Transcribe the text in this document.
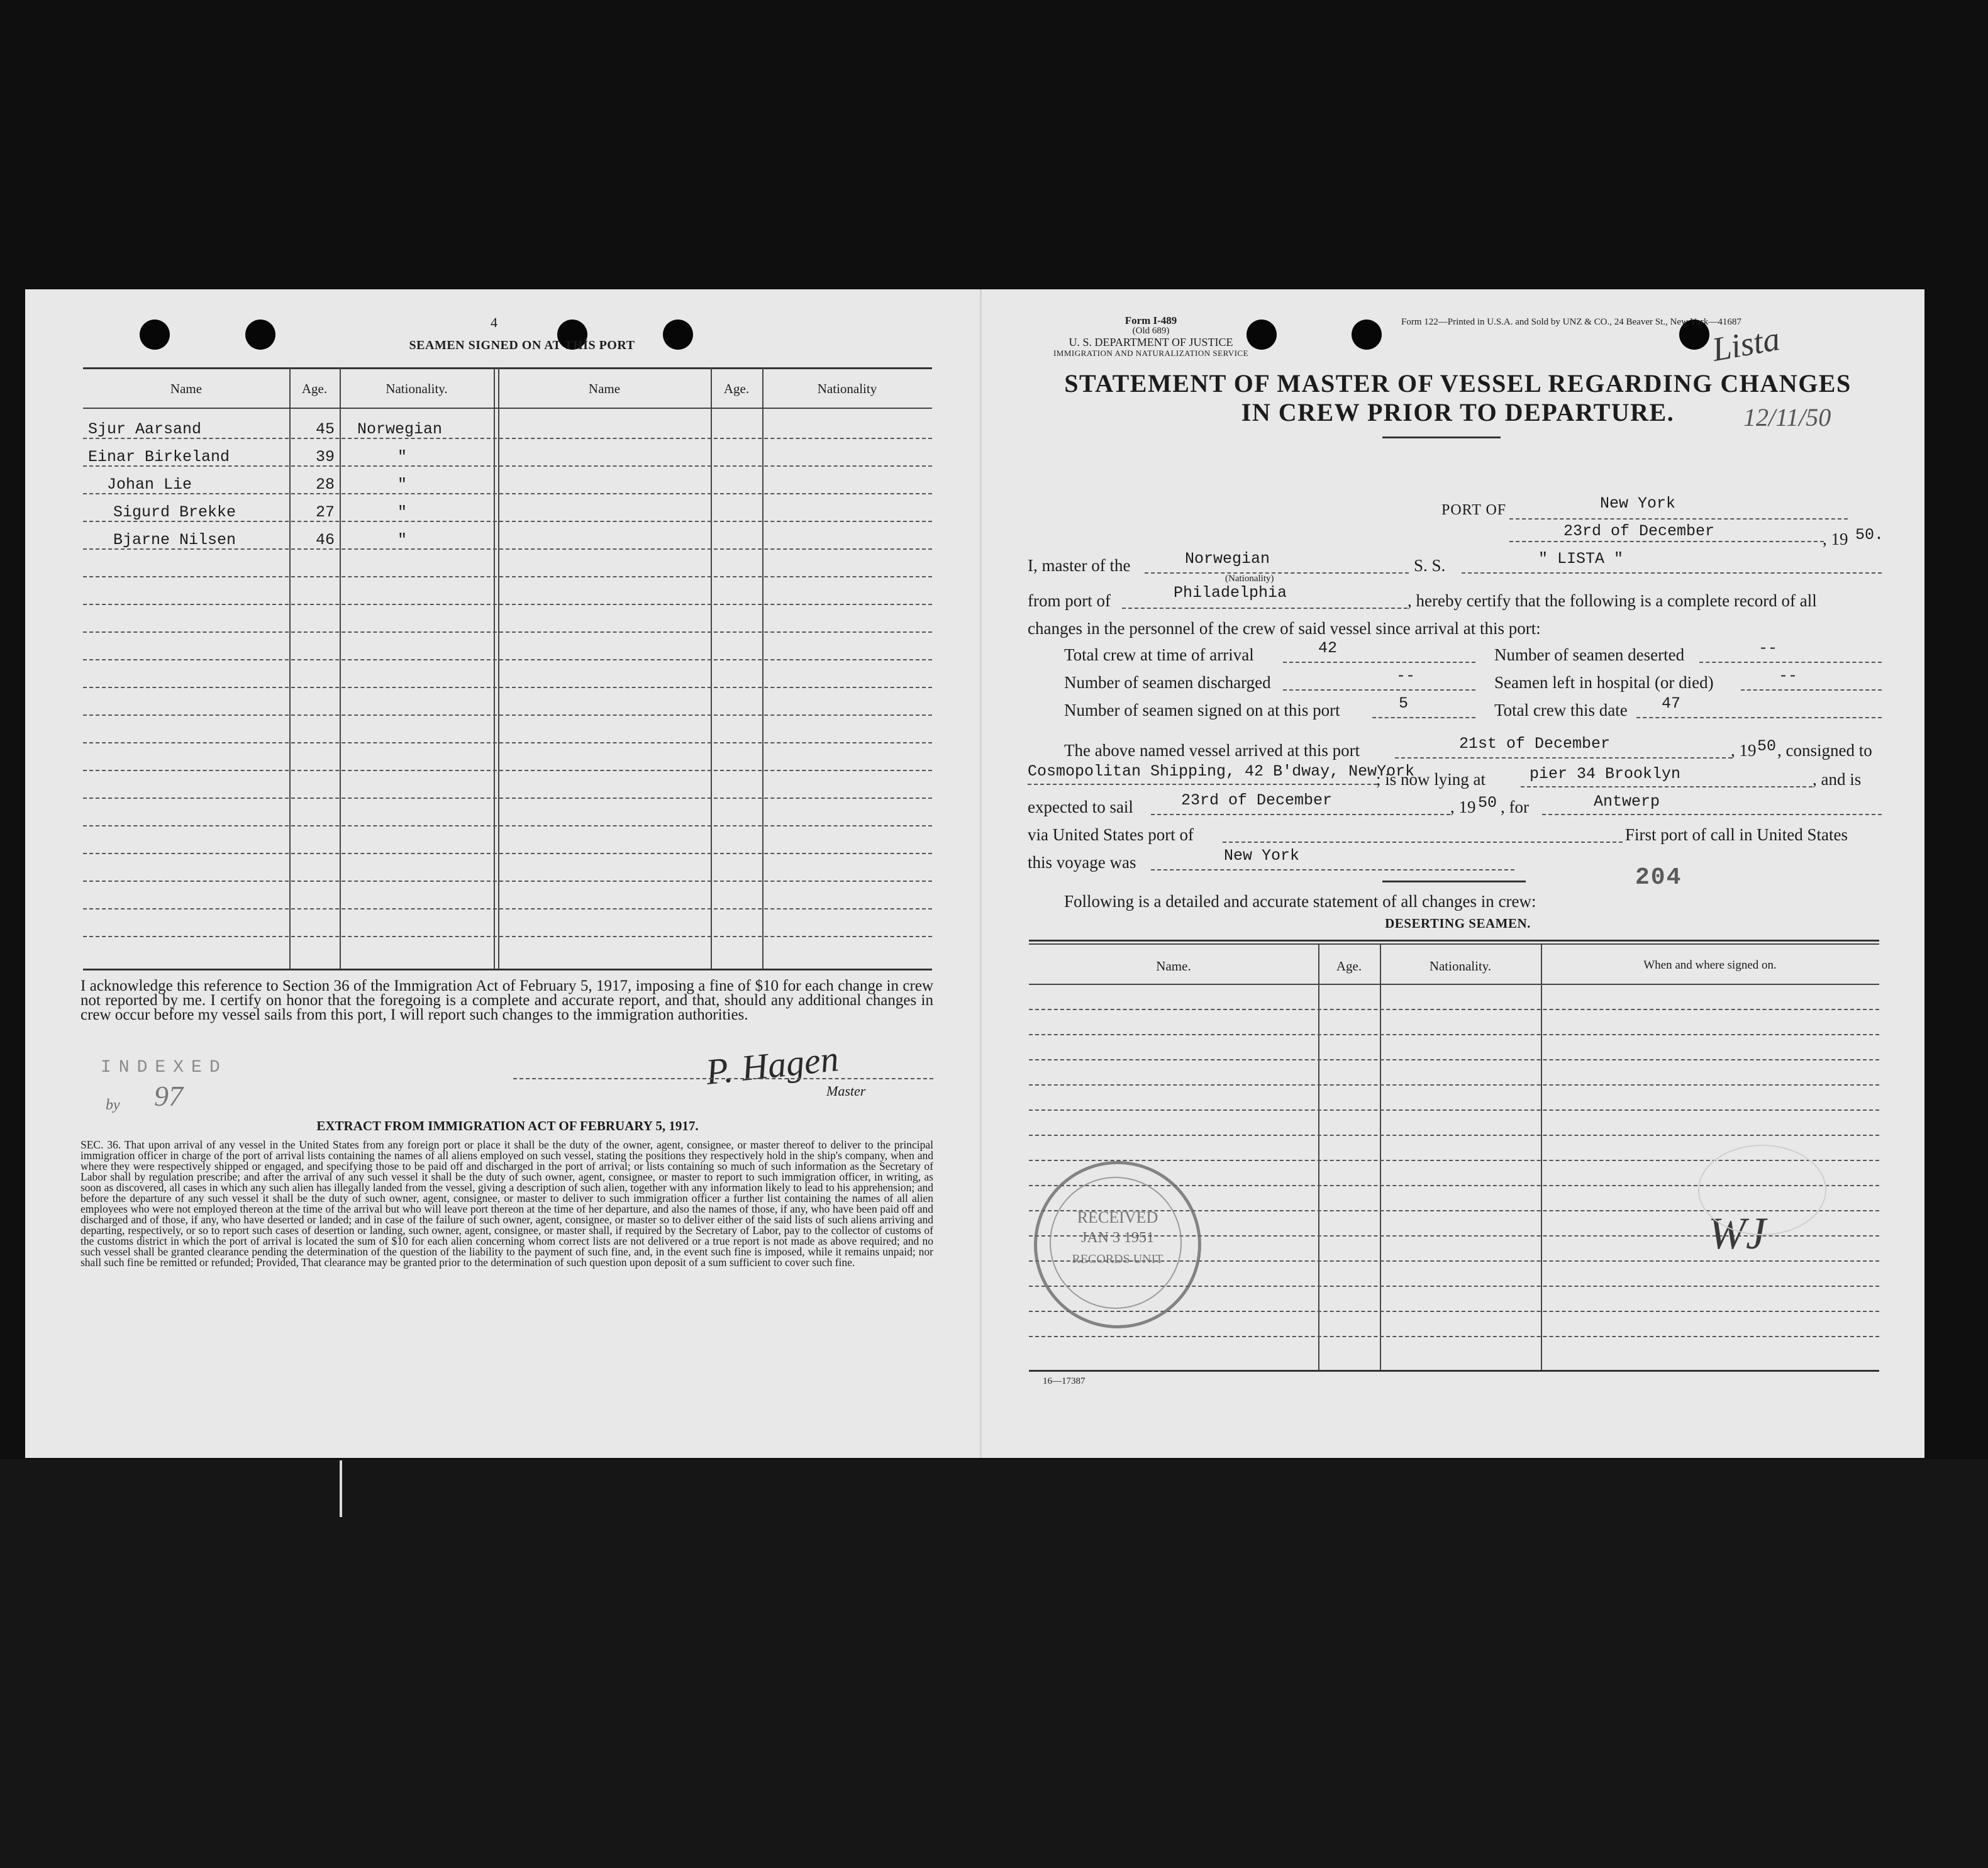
4
SEAMEN SIGNED ON AT THIS PORT
Name	Age.	Nationality.	Name	Age.	Nationality
Sjur Aarsand	45 Norwegian
Einar Birkeland	39	"
Johan Lie	28	"
Sigurd Brekke	27	"
Bjarne Nilsen	46	"
I acknowledge this reference to Section 36 of the Immigration Act of February 5, 1917, imposing a fine of $10 for each change in crew not reported by me. I certify on honor that the foregoing is a complete and accurate report, and that, should any additional changes in crew occur before my vessel sails from this port, I will report such changes to the immigration authorities.
INDEXED
by 97
P. Hagen
Master
EXTRACT FROM IMMIGRATION ACT OF FEBRUARY 5, 1917.
SEC. 36. That upon arrival of any vessel in the United States from any foreign port or place it shall be the duty of the owner, agent, consignee, or master thereof to deliver to the principal immigration officer in charge of the port of arrival lists containing the names of all aliens employed on such vessel, stating the positions they respectively hold in the ship's company, when and where they were respectively shipped or engaged, and specifying those to be paid off and discharged in the port of arrival; or lists containing so much of such information as the Secretary of Labor shall by regulation prescribe; and after the arrival of any such vessel it shall be the duty of such owner, agent, consignee, or master to report to such immigration officer, in writing, as soon as discovered, all cases in which any such alien has illegally landed from the vessel, giving a description of such alien, together with any information likely to lead to his apprehension; and before the departure of any such vessel it shall be the duty of such owner, agent, consignee, or master to deliver to such immigration officer a further list containing the names of all alien employees who were not employed thereon at the time of the arrival but who will leave port thereon at the time of her departure, and also the names of those, if any, who have been paid off and discharged and of those, if any, who have deserted or landed; and in case of the failure of such owner, agent, consignee, or master so to deliver either of the said lists of such aliens arriving and departing, respectively, or so to report such cases of desertion or landing, such owner, agent, consignee, or master shall, if required by the Secretary of Labor, pay to the collector of customs of the customs district in which the port of arrival is located the sum of $10 for each alien concerning whom correct lists are not delivered or a true report is not made as above required; and no such vessel shall be granted clearance pending the determination of the question of the liability to the payment of such fine, and, in the event such fine is imposed, while it remains unpaid; nor shall such fine be remitted or refunded; Provided, That clearance may be granted prior to the determination of such question upon deposit of a sum sufficient to cover such fine.
Form I-489
(Old 689)
U. S. DEPARTMENT OF JUSTICE
IMMIGRATION AND NATURALIZATION SERVICE
Form 122—Printed in U.S.A. and Sold by UNZ & CO., 24 Beaver St., New York—41687
Lista
12/11/50
STATEMENT OF MASTER OF VESSEL REGARDING CHANGES
IN CREW PRIOR TO DEPARTURE.
PORT OF	New York
23rd of December	, 19 50.
I, master of the	Norwegian
(Nationality)
S. S.	" LISTA "
from port of	Philadelphia	, hereby certify that the following is a complete record of all
changes in the personnel of the crew of said vessel since arrival at this port:
Total crew at time of arrival	42
Number of seamen discharged	--
Number of seamen signed on at this port	5
Number of seamen deserted	--
Seamen left in hospital (or died)	--
Total crew this date 47
The above named vessel arrived at this port	21st of December	, 19 50 , consigned to
Cosmopolitan Shipping, 42 B'dway, NewYork
; is now lying at	pier 34 Brooklyn	, and is
expected to sail	23rd of December	, 19 50 , for	Antwerp
via United States port of	First port of call in United States
this voyage was	New York
204
Following is a detailed and accurate statement of all changes in crew:
DESERTING SEAMEN.
Name.	Age.	Nationality.	When and where signed on.
RECEIVED
JAN 3 1951
RECORDS UNIT
WJ
16—17387
